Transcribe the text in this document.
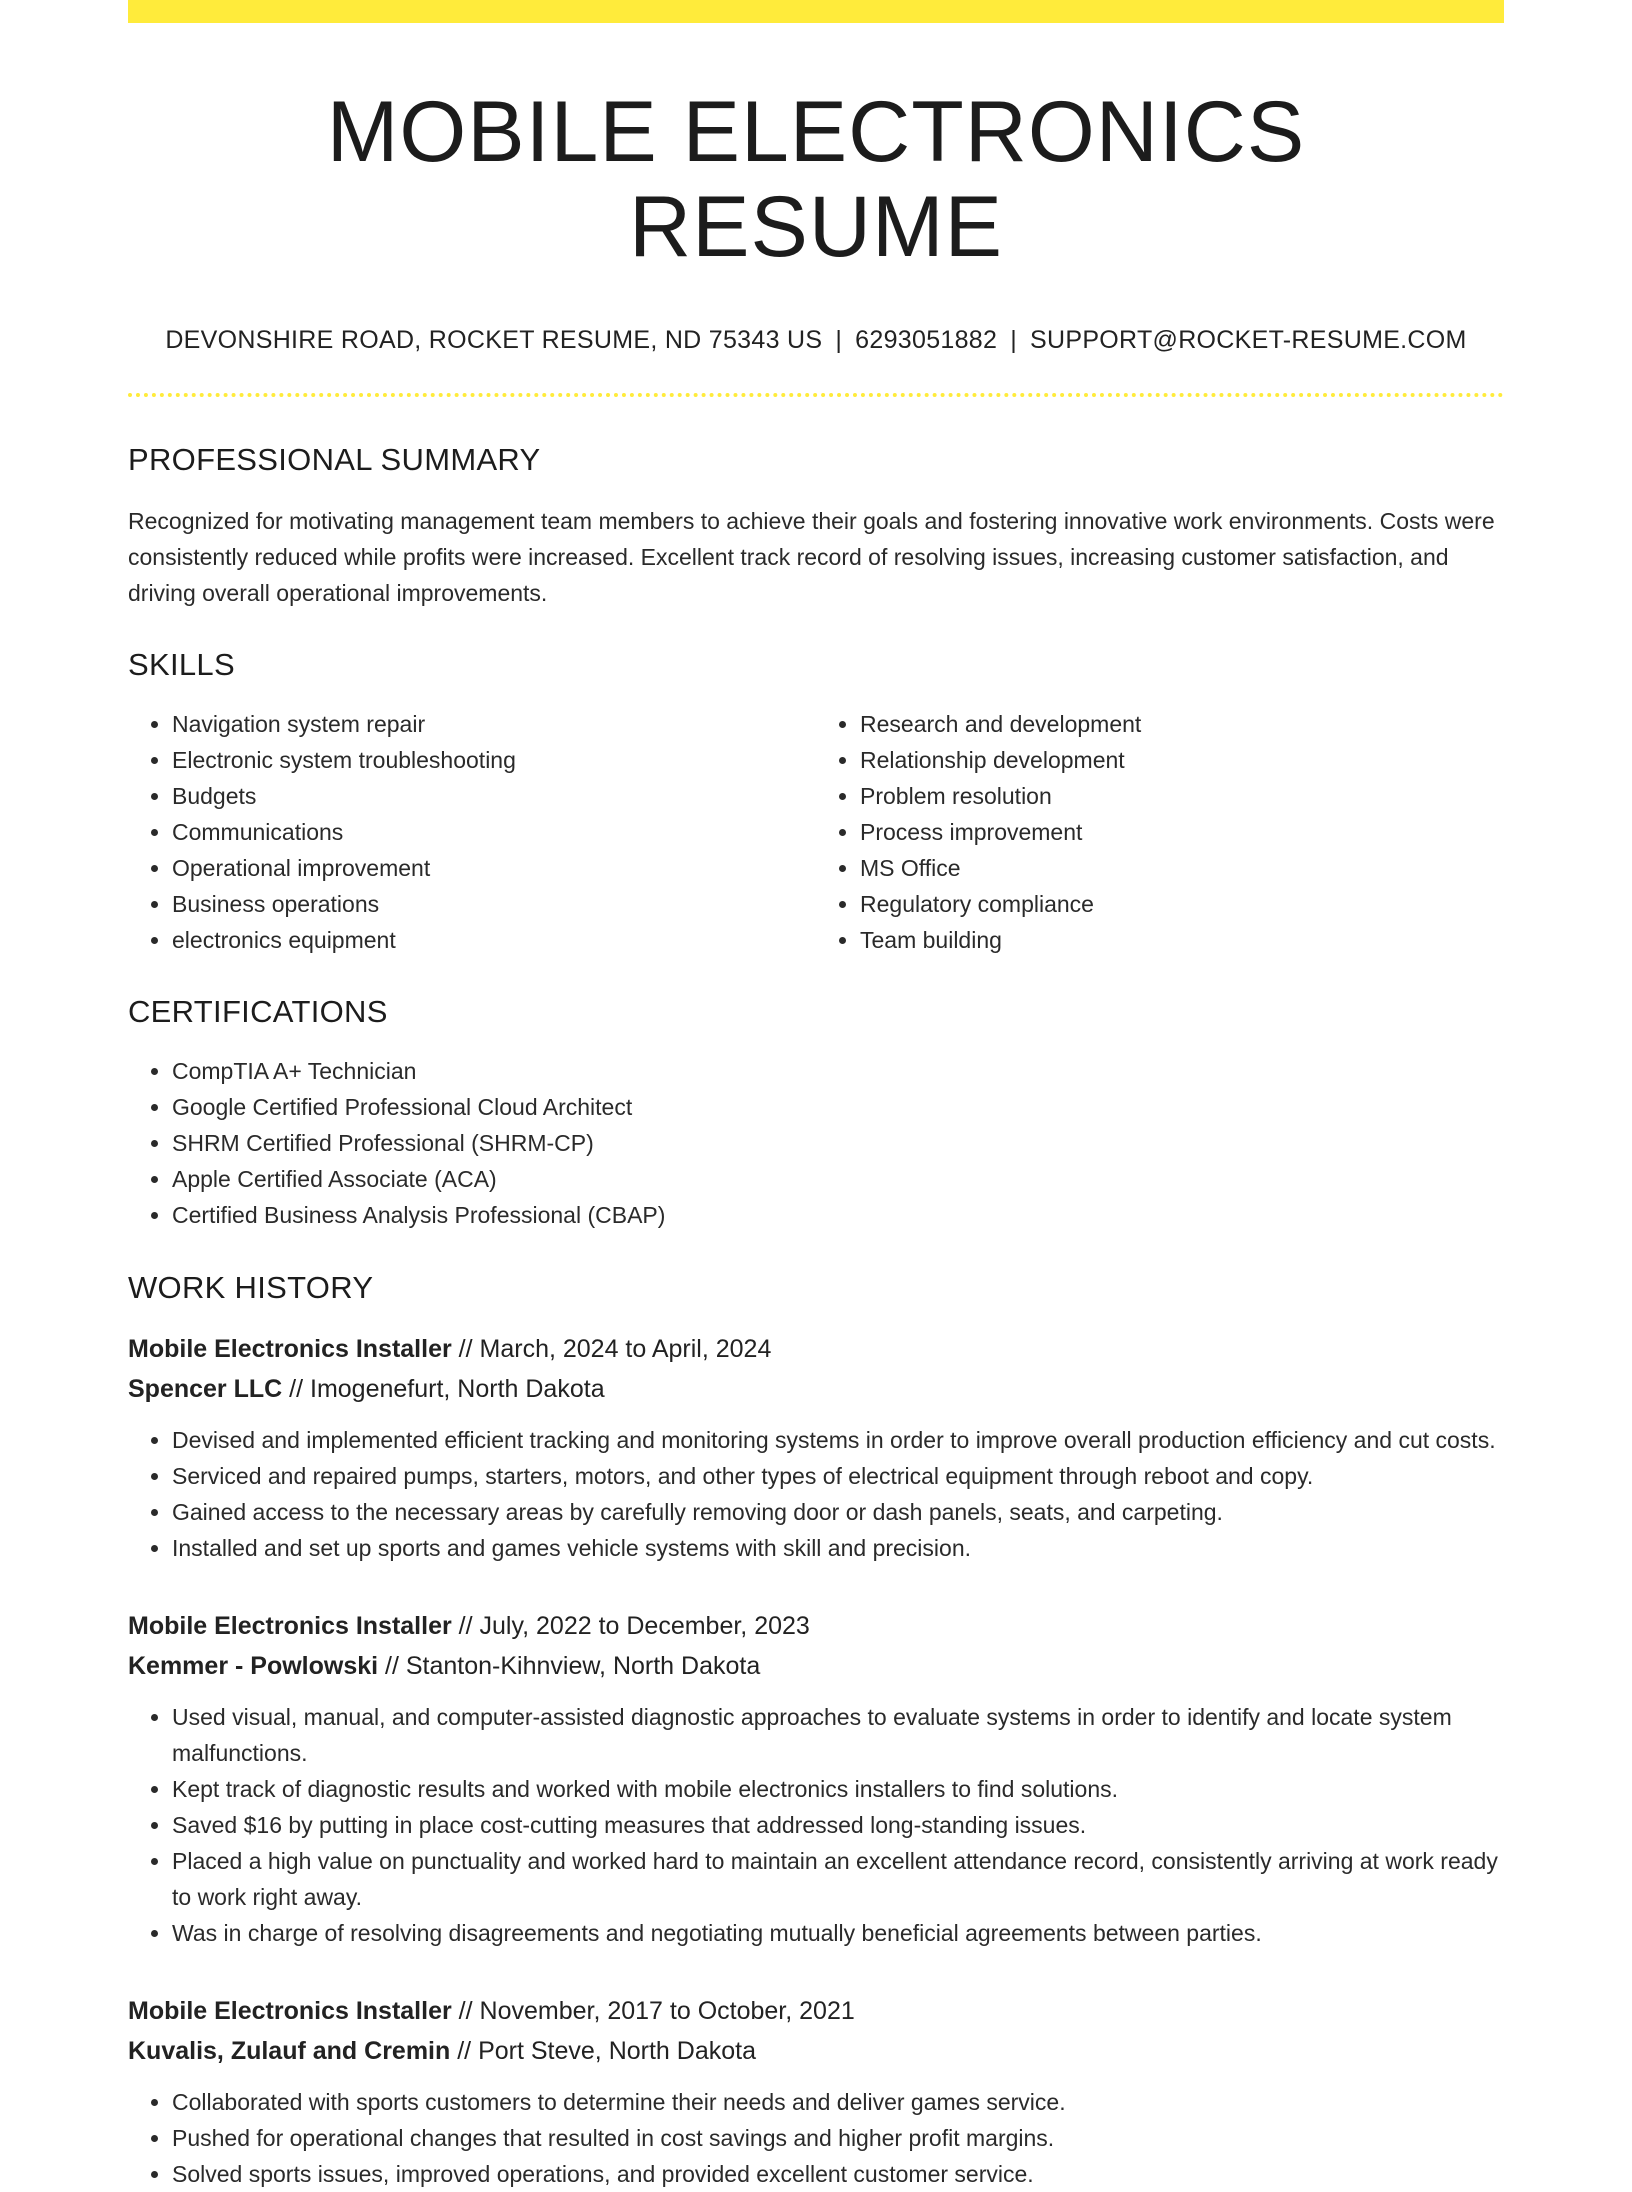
MOBILE ELECTRONICS RESUME
DEVONSHIRE ROAD, ROCKET RESUME, ND 75343 US | 6293051882 | SUPPORT@ROCKET-RESUME.COM
PROFESSIONAL SUMMARY
Recognized for motivating management team members to achieve their goals and fostering innovative work environments. Costs were consistently reduced while profits were increased. Excellent track record of resolving issues, increasing customer satisfaction, and driving overall operational improvements.
SKILLS
• Navigation system repair
• Electronic system troubleshooting
• Budgets
• Communications
• Operational improvement
• Business operations
• electronics equipment
• Research and development
• Relationship development
• Problem resolution
• Process improvement
• MS Office
• Regulatory compliance
• Team building
CERTIFICATIONS
• CompTIA A+ Technician
• Google Certified Professional Cloud Architect
• SHRM Certified Professional (SHRM-CP)
• Apple Certified Associate (ACA)
• Certified Business Analysis Professional (CBAP)
WORK HISTORY
Mobile Electronics Installer // March, 2024 to April, 2024
Spencer LLC // Imogenefurt, North Dakota
• Devised and implemented efficient tracking and monitoring systems in order to improve overall production efficiency and cut costs.
• Serviced and repaired pumps, starters, motors, and other types of electrical equipment through reboot and copy.
• Gained access to the necessary areas by carefully removing door or dash panels, seats, and carpeting.
• Installed and set up sports and games vehicle systems with skill and precision.
Mobile Electronics Installer // July, 2022 to December, 2023
Kemmer - Powlowski // Stanton-Kihnview, North Dakota
• Used visual, manual, and computer-assisted diagnostic approaches to evaluate systems in order to identify and locate system malfunctions.
• Kept track of diagnostic results and worked with mobile electronics installers to find solutions.
• Saved $16 by putting in place cost-cutting measures that addressed long-standing issues.
• Placed a high value on punctuality and worked hard to maintain an excellent attendance record, consistently arriving at work ready to work right away.
• Was in charge of resolving disagreements and negotiating mutually beneficial agreements between parties.
Mobile Electronics Installer // November, 2017 to October, 2021
Kuvalis, Zulauf and Cremin // Port Steve, North Dakota
• Collaborated with sports customers to determine their needs and deliver games service.
• Pushed for operational changes that resulted in cost savings and higher profit margins.
• Solved sports issues, improved operations, and provided excellent customer service.
